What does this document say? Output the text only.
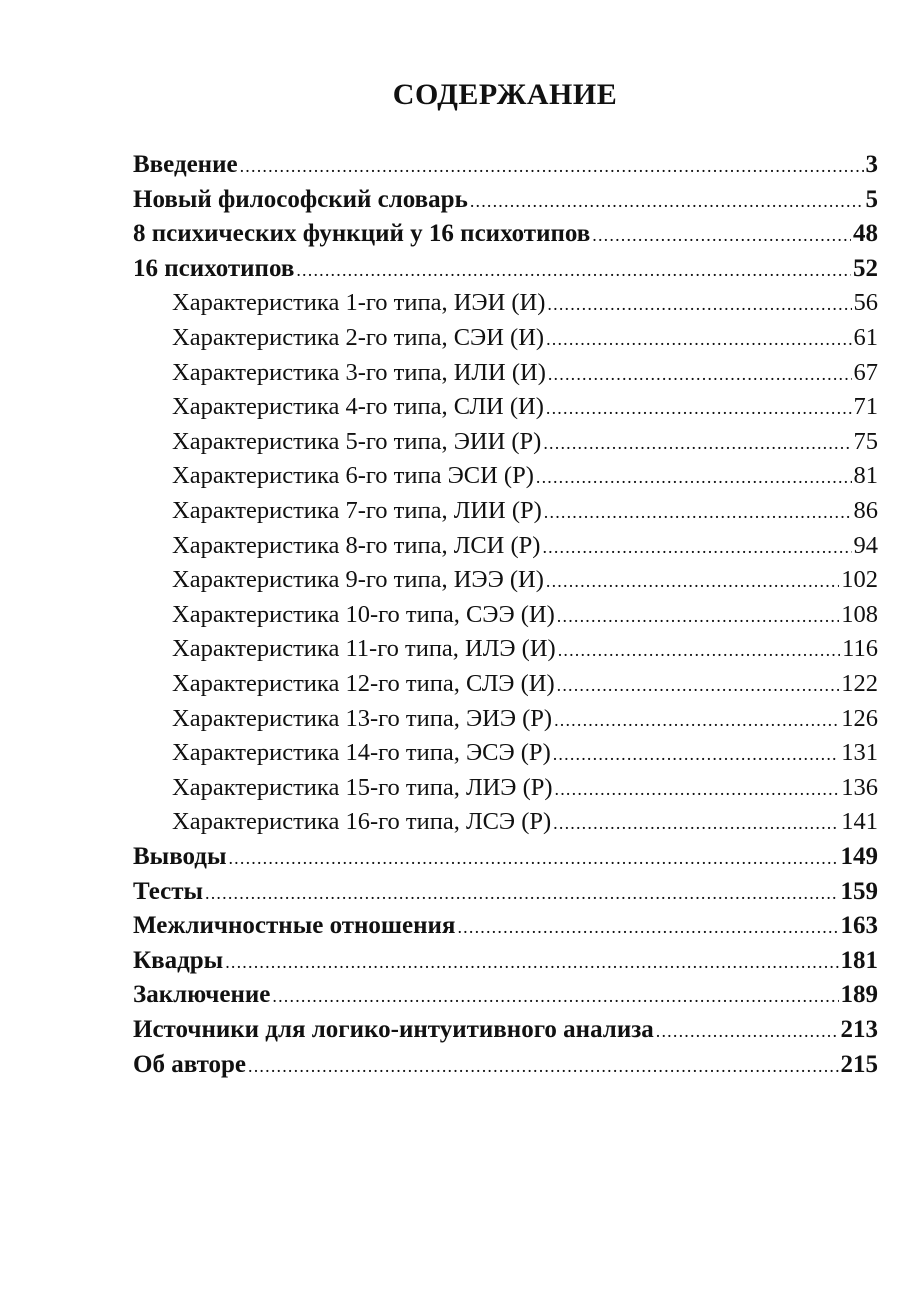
СОДЕРЖАНИЕ
Введение .....	3
Новый философский словарь .....	5
8 психических функций у 16 психотипов .....	48
16 психотипов .....	52
Характеристика 1-го типа, ИЭИ (И) .....	56
Характеристика 2-го типа, СЭИ (И) .....	61
Характеристика 3-го типа, ИЛИ (И) .....	67
Характеристика 4-го типа, СЛИ (И) .....	71
Характеристика 5-го типа, ЭИИ (Р) .....	75
Характеристика 6-го типа ЭСИ (Р) .....	81
Характеристика 7-го типа, ЛИИ (Р) .....	86
Характеристика 8-го типа, ЛСИ (Р) .....	94
Характеристика 9-го типа, ИЭЭ (И) .....	102
Характеристика 10-го типа, СЭЭ (И) .....	108
Характеристика 11-го типа, ИЛЭ (И) .....	116
Характеристика 12-го типа, СЛЭ (И) .....	122
Характеристика 13-го типа, ЭИЭ (Р) .....	126
Характеристика 14-го типа, ЭСЭ (Р) .....	131
Характеристика 15-го типа, ЛИЭ (Р) .....	136
Характеристика 16-го типа, ЛСЭ (Р) .....	141
Выводы .....	149
Тесты .....	159
Межличностные отношения .....	163
Квадры .....	181
Заключение .....	189
Источники для логико-интуитивного анализа .....	213
Об авторе .....	215
